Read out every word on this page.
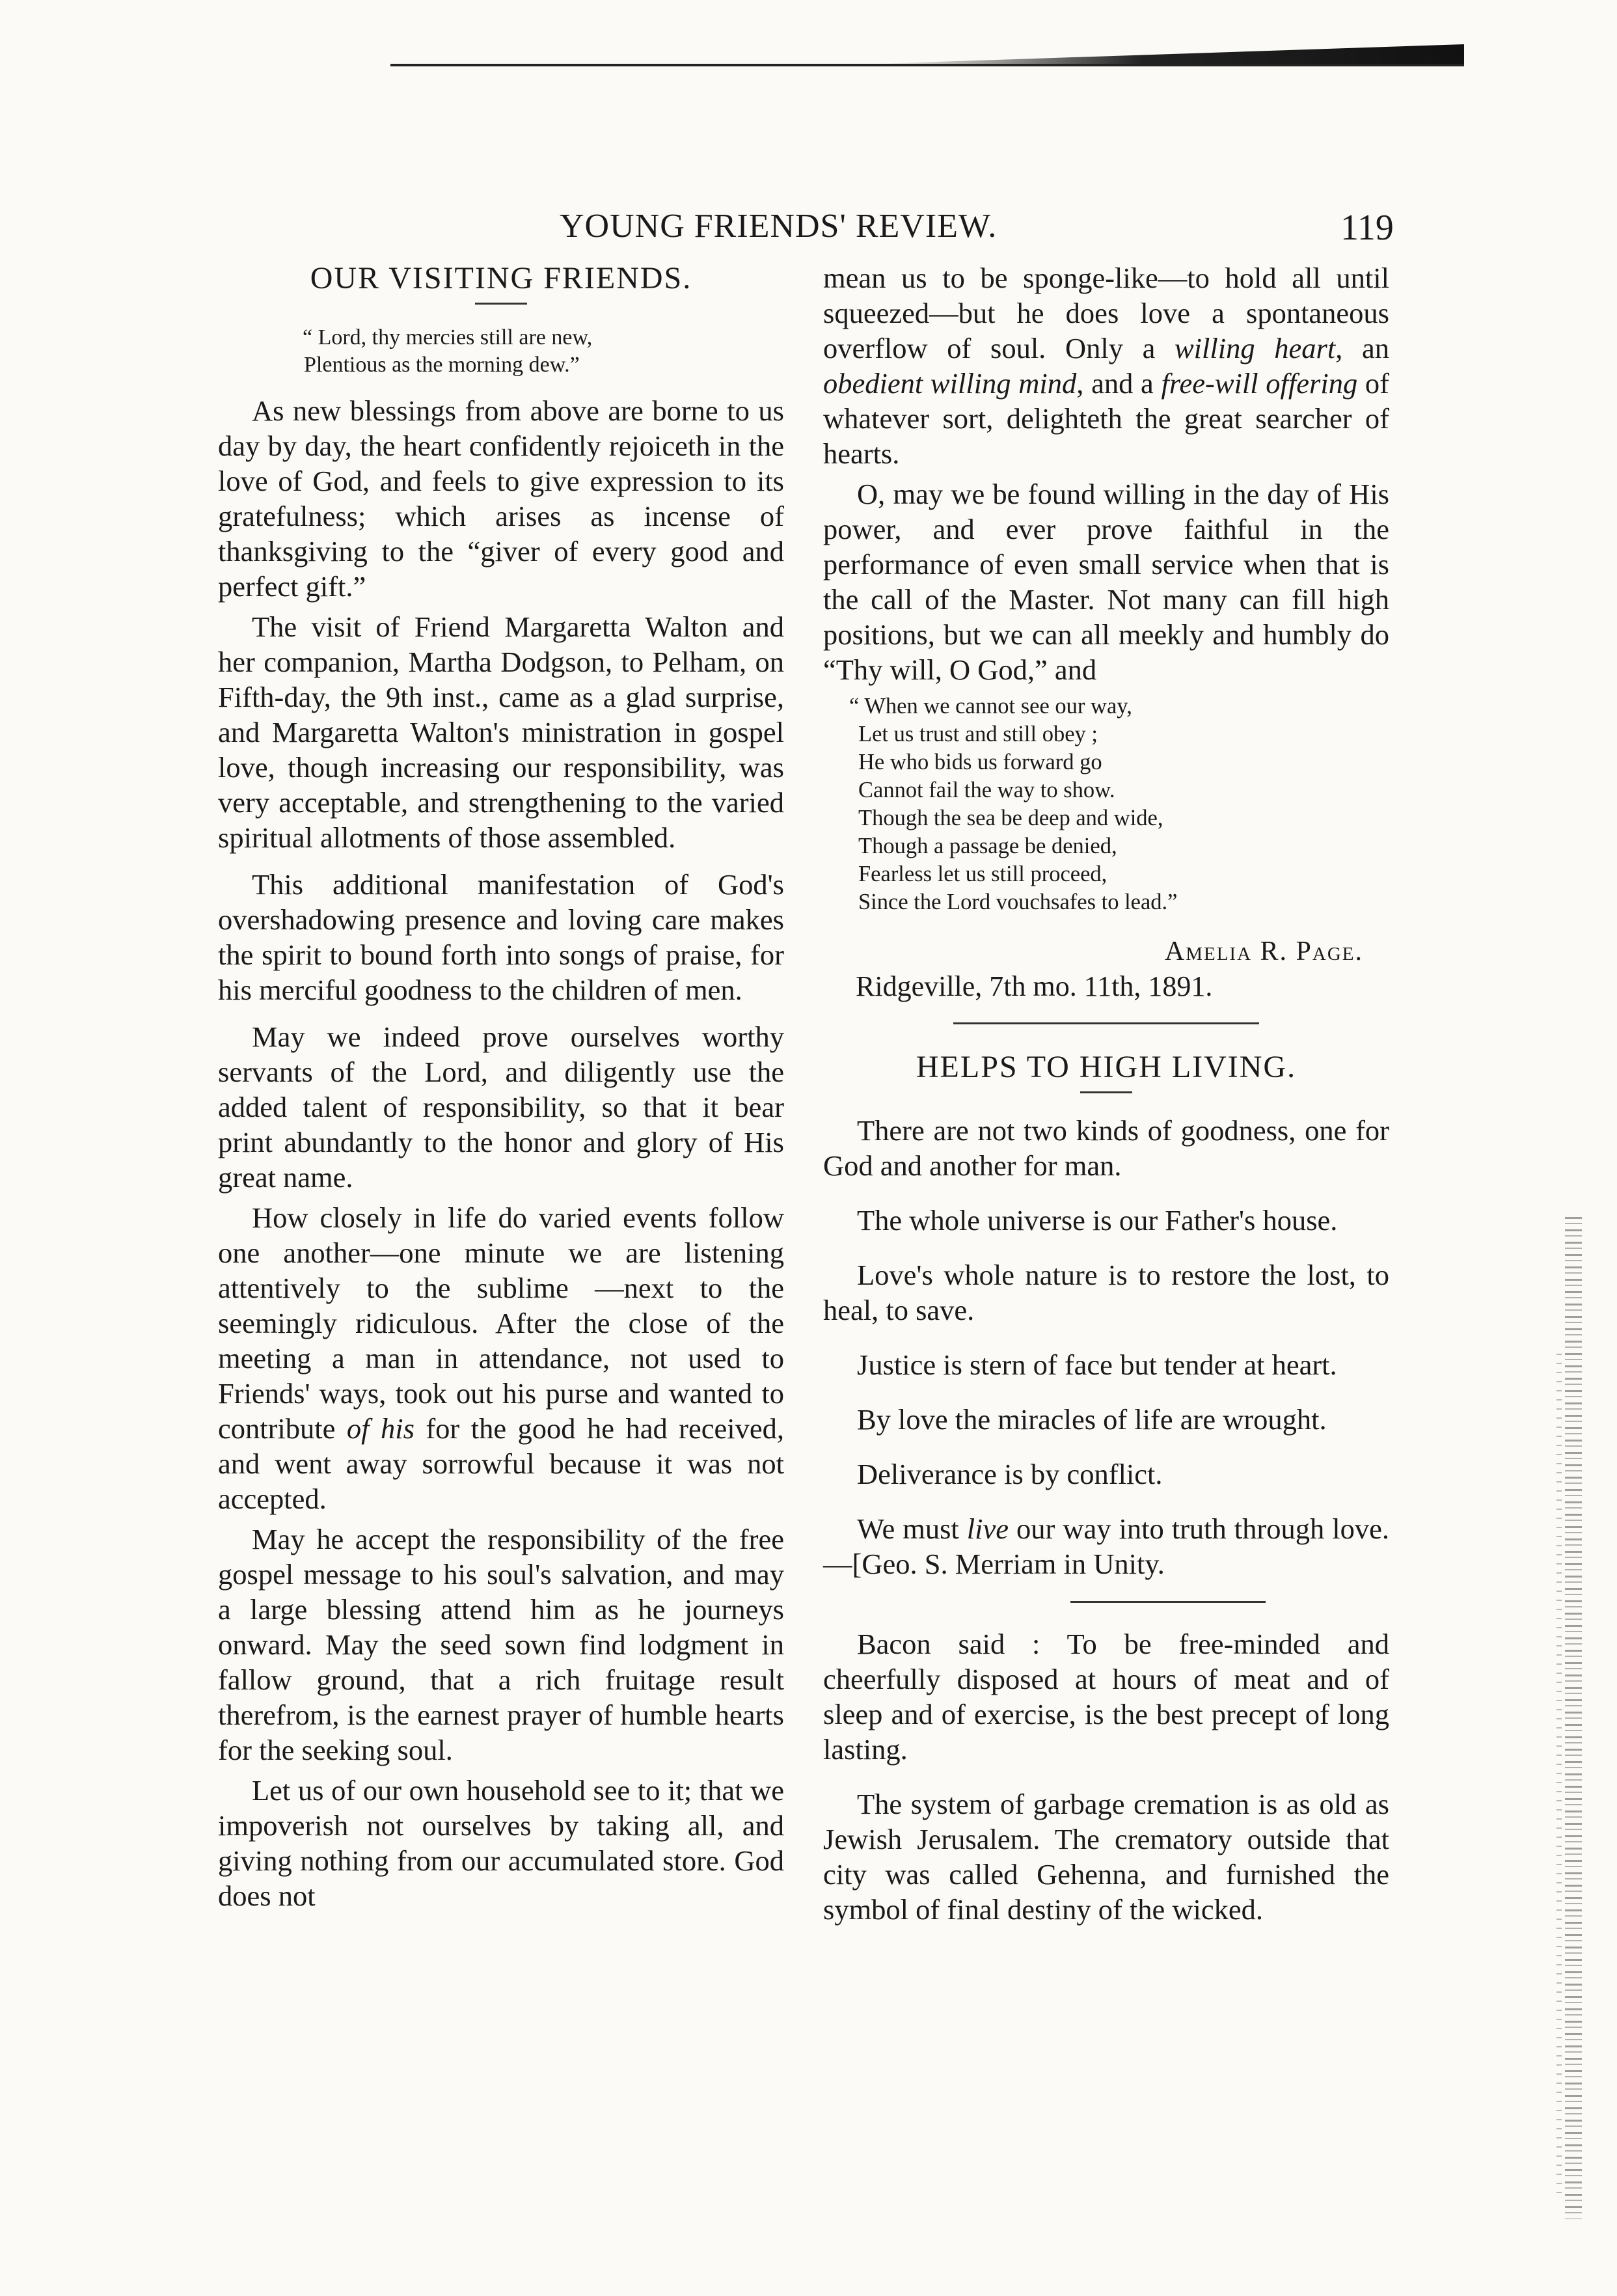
YOUNG FRIENDS' REVIEW.	119
OUR VISITING FRIENDS.
“ Lord, thy mercies still are new,
Plentious as the morning dew.”

As new blessings from above are borne to us day by day, the heart confidently rejoiceth in the love of God, and feels to give expression to its gratefulness; which arises as incense of thanksgiving to the “giver of every good and perfect gift.”

The visit of Friend Margaretta Walton and her companion, Martha Dodgson, to Pelham, on Fifth-day, the 9th inst., came as a glad surprise, and Margaretta Walton's ministration in gospel love, though increasing our responsibility, was very acceptable, and strengthening to the varied spiritual allotments of those assembled.

This additional manifestation of God's overshadowing presence and loving care makes the spirit to bound forth into songs of praise, for his merciful goodness to the children of men.

May we indeed prove ourselves worthy servants of the Lord, and diligently use the added talent of responsibility, so that it bear print abundantly to the honor and glory of His great name.

How closely in life do varied events follow one another—one minute we are listening attentively to the sublime —next to the seemingly ridiculous. After the close of the meeting a man in attendance, not used to Friends' ways, took out his purse and wanted to contribute of his for the good he had received, and went away sorrowful because it was not accepted.

May he accept the responsibility of the free gospel message to his soul's salvation, and may a large blessing attend him as he journeys onward. May the seed sown find lodgment in fallow ground, that a rich fruitage result therefrom, is the earnest prayer of humble hearts for the seeking soul.

Let us of our own household see to it; that we impoverish not ourselves by taking all, and giving nothing from our accumulated store. God does not

mean us to be sponge-like—to hold all until squeezed—but he does love a spontaneous overflow of soul. Only a willing heart, an obedient willing mind, and a free-will offering of whatever sort, delighteth the great searcher of hearts.

O, may we be found willing in the day of His power, and ever prove faithful in the performance of even small service when that is the call of the Master. Not many can fill high positions, but we can all meekly and humbly do “Thy will, O God,” and

“ When we cannot see our way,
Let us trust and still obey ;
He who bids us forward go
Cannot fail the way to show.
Though the sea be deep and wide,
Though a passage be denied,
Fearless let us still proceed,
Since the Lord vouchsafes to lead.”
Amelia R. Page.
Ridgeville, 7th mo. 11th, 1891.
HELPS TO HIGH LIVING.

There are not two kinds of goodness, one for God and another for man.

The whole universe is our Father's house.

Love's whole nature is to restore the lost, to heal, to save.

Justice is stern of face but tender at heart.

By love the miracles of life are wrought.

Deliverance is by conflict.

We must live our way into truth through love.—[Geo. S. Merriam in Unity.

Bacon said : To be free-minded and cheerfully disposed at hours of meat and of sleep and of exercise, is the best precept of long lasting.

The system of garbage cremation is as old as Jewish Jerusalem. The crematory outside that city was called Gehenna, and furnished the symbol of final destiny of the wicked.
